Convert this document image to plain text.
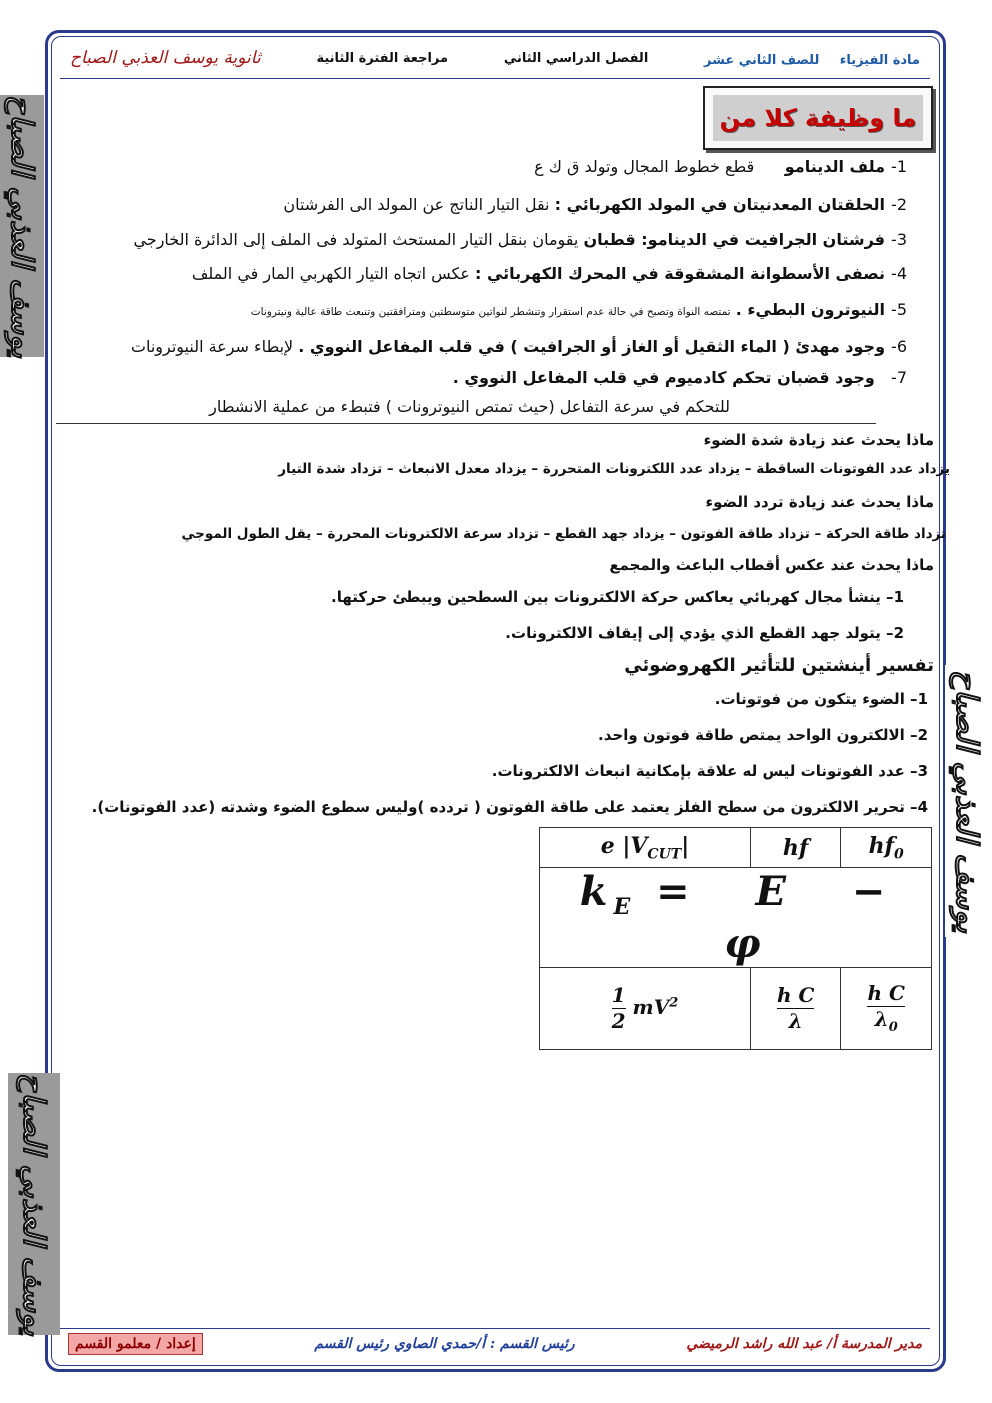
ثانوية يوسف العذبي الصباح	مراجعة الفترة الثانية	الفصل الدراسي الثاني	مادة الفيزياء    للصف الثاني عشر
ما وظيفة كلا من
يوسف العذبي الصباح
يوسف العذبي الصباح
يوسف العذبي الصباح
1-ملف الدينامو      قطع خطوط المجال وتولد ق ك ع
2-الحلقتان المعدنيتان في المولد الكهربائي : نقل التيار الناتج عن المولد الى الفرشتان
3-فرشتان الجرافيت في الدينامو: قطبان يقومان بنقل التيار المستحث المتولد فى الملف إلى الدائرة الخارجي
4-نصفى الأسطوانة المشقوقة في المحرك الكهربائي : عكس اتجاه التيار الكهربي المار في الملف
5-النيوترون البطيء . تمتصه النواة وتصبح في حالة عدم استقرار وتنشطر لنواتين متوسطتين ومترافقتين وتنبعث طاقة عالية ونيترونات
6-وجود مهدئ ( الماء الثقيل أو الغاز أو الجرافيت ) في قلب المفاعل النووي . لإبطاء سرعة النيوترونات
7-  وجود قضبان تحكم كادميوم في قلب المفاعل النووي .
للتحكم في سرعة التفاعل (حيث تمتص النيوترونات ) فتبطء من عملية الانشطار
ماذا يحدث عند زيادة شدة الضوء
يزداد عدد الفوتونات الساقطة – يزداد عدد اللكترونات المتحررة – يزداد معدل الانبعاث – تزداد شدة التيار
ماذا يحدث عند زيادة تردد الضوء
تزداد طاقة الحركة – تزداد طاقة الفوتون – يزداد جهد القطع – تزداد سرعة الالكترونات المحررة – يقل الطول الموجي
ماذا يحدث عند عكس أقطاب الباعث والمجمع
1– ينشأ مجال كهربائي يعاكس حركة الالكترونات بين السطحين ويبطئ حركتها.
2– يتولد جهد القطع الذي يؤدي إلى إيقاف الالكترونات.
تفسير أينشتين للتأثير الكهروضوئي
1– الضوء يتكون من فوتونات.
2– الالكترون الواحد يمتص طاقة فوتون واحد.
3– عدد الفوتونات ليس له علاقة بإمكانية انبعاث الالكترونات.
4– تحرير الالكترون من سطح الفلز يعتمد على طاقة الفوتون ( تردده )وليس سطوع الضوء وشدته (عدد الفوتونات).
e $|V_{CUT}|$	hf	$hf_0$
$k_E = E - \varphi$		

$\frac{1}{2} mV^2$	$\frac{\text{h C}}{\lambda}$	$\frac{\text{h C}}{\lambda_0}$
إعداد / معلمو القسم	رئيس القسم : أ/حمدي الصاوي رئيس القسم	مدير المدرسة أ/ عبد الله راشد الرميضي
